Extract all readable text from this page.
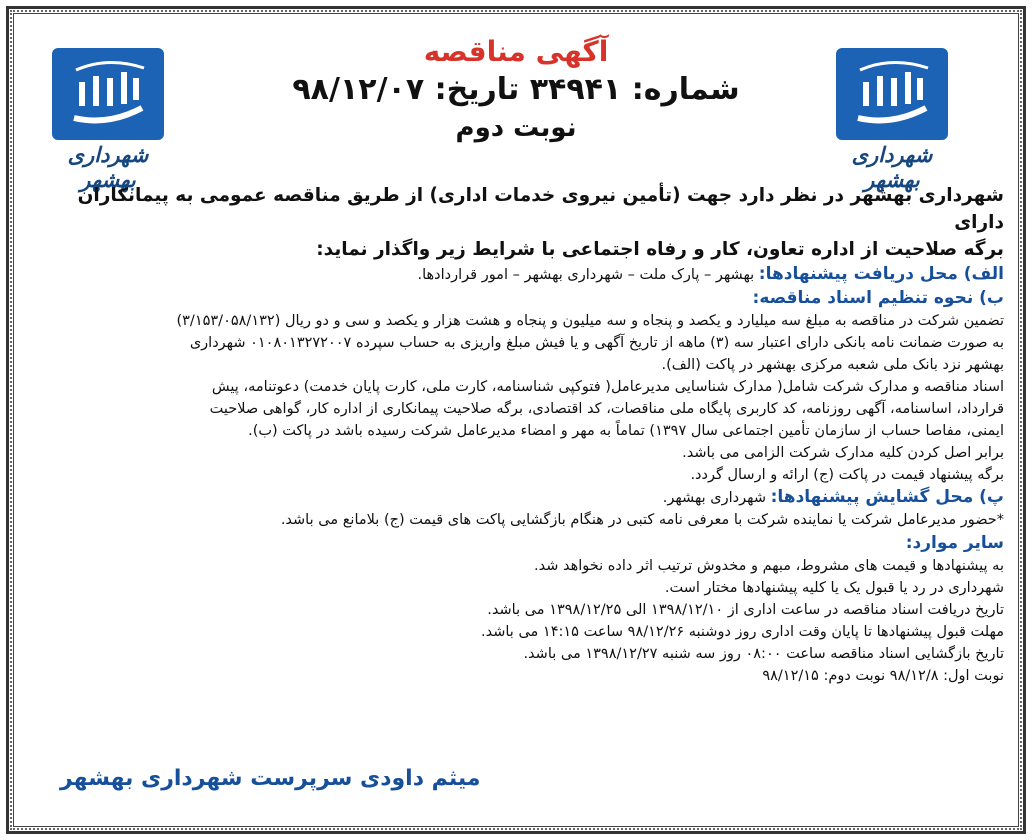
شهرداری بهشهر
شهرداری بهشهر
آگهی مناقصه
شماره: ۳۴۹۴۱ تاریخ: ۹۸/۱۲/۰۷
نوبت دوم

شهرداری بهشهر در نظر دارد جهت (تأمین نیروی خدمات اداری) از طریق مناقصه عمومی به پیمانکاران دارای

برگه صلاحیت از اداره تعاون، کار و رفاه اجتماعی با شرایط زیر واگذار نماید:

الف) محل دریافت پیشنهادها: بهشهر – پارک ملت – شهرداری بهشهر – امور قراردادها.

ب) نحوه تنظیم اسناد مناقصه:

تضمین شرکت در مناقصه به مبلغ سه میلیارد و یکصد و پنجاه و سه میلیون و پنجاه و هشت هزار و یکصد و سی و دو ریال (۳/۱۵۳/۰۵۸/۱۳۲)

به صورت ضمانت نامه بانکی دارای اعتبار سه (۳) ماهه از تاریخ آگهی و یا فیش مبلغ واریزی به حساب سپرده ۰۱۰۸۰۱۳۲۷۲۰۰۷ شهرداری

بهشهر نزد بانک ملی شعبه مرکزی بهشهر در پاکت (الف).

اسناد مناقصه و مدارک شرکت شامل( مدارک شناسایی مدیرعامل( فتوکپی شناسنامه، کارت ملی، کارت پایان خدمت) دعوتنامه، پیش

قرارداد، اساسنامه، آگهی روزنامه، کد کاربری پایگاه ملی مناقصات، کد اقتصادی، برگه صلاحیت پیمانکاری از اداره کار، گواهی صلاحیت

ایمنی، مفاصا حساب از سازمان تأمین اجتماعی سال ۱۳۹۷) تماماً به مهر و امضاء مدیرعامل شرکت رسیده باشد در پاکت (ب).

برابر اصل کردن کلیه مدارک شرکت الزامی می باشد.

برگه پیشنهاد قیمت در پاکت (ج) ارائه و ارسال گردد.

پ) محل گشایش پیشنهادها: شهرداری بهشهر.

*حضور مدیرعامل شرکت یا نماینده شرکت با معرفی نامه کتبی در هنگام بازگشایی پاکت های قیمت (ج) بلامانع می باشد.

سایر موارد:

به پیشنهادها و قیمت های مشروط، مبهم و مخدوش ترتیب اثر داده نخواهد شد.

شهرداری در رد یا قبول یک یا کلیه پیشنهادها مختار است.

تاریخ دریافت اسناد مناقصه در ساعت اداری از ۱۳۹۸/۱۲/۱۰ الی ۱۳۹۸/۱۲/۲۵ می باشد.

مهلت قبول پیشنهادها تا پایان وقت اداری روز دوشنبه ۹۸/۱۲/۲۶ ساعت ۱۴:۱۵ می باشد.

تاریخ بازگشایی اسناد مناقصه ساعت ۰۸:۰۰ روز سه شنبه ۱۳۹۸/۱۲/۲۷ می باشد.

نوبت اول: ۹۸/۱۲/۸ نوبت دوم: ۹۸/۱۲/۱۵

میثم داودی سرپرست شهرداری بهشهر
